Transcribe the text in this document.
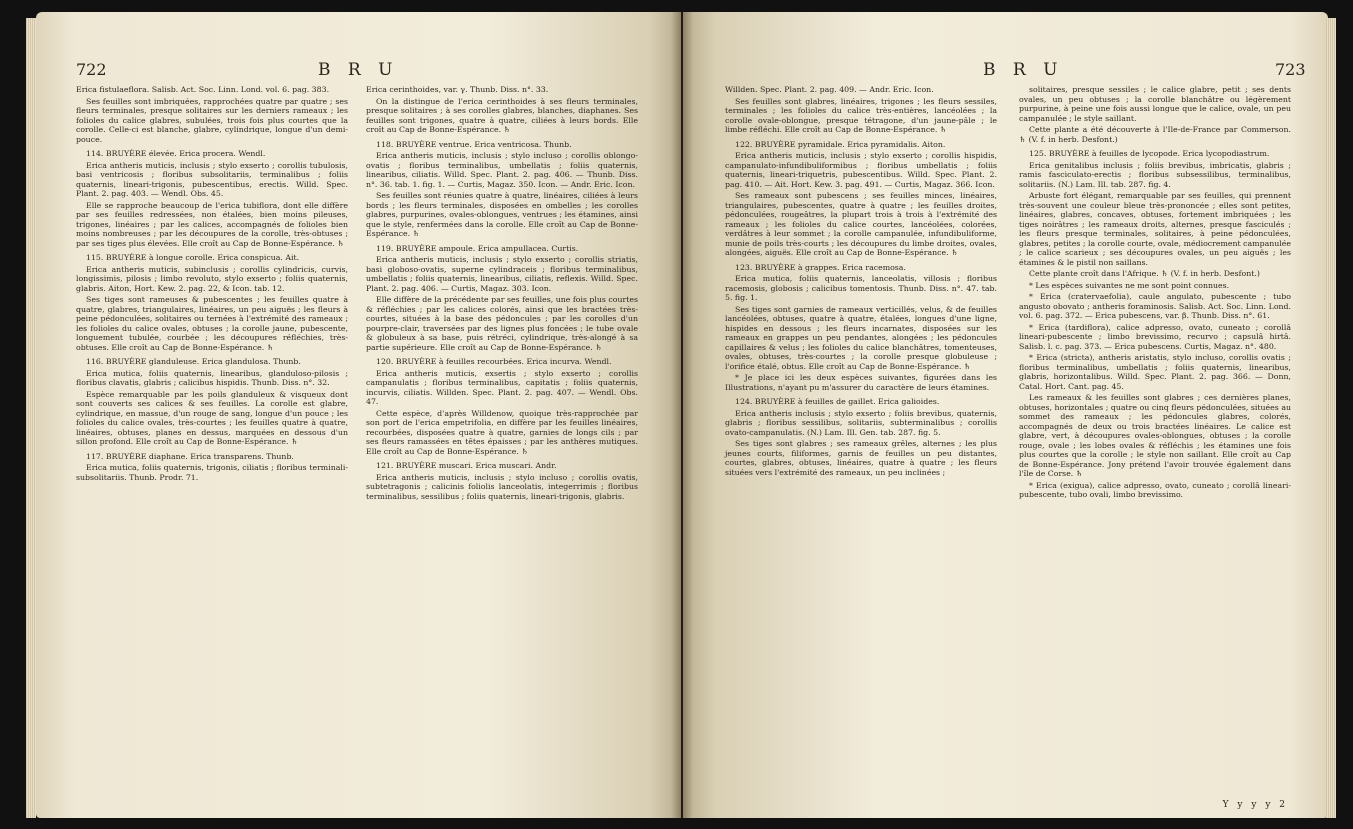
722	B R U

Erica fistulaeflora. Salisb. Act. Soc. Linn. Lond. vol. 6. pag. 383.

Ses feuilles sont imbriquées, rapprochées quatre par quatre ; ses fleurs terminales, presque solitaires sur les derniers rameaux ; les folioles du calice glabres, subulées, trois fois plus courtes que la corolle. Celle-ci est blanche, glabre, cylindrique, longue d'un demi-pouce.

114. BRUYÈRE élevée. Erica procera. Wendl.

Erica antheris muticis, inclusis ; stylo exserto ; corollis tubulosis, basi ventricosis ; floribus subsolitariis, terminalibus ; foliis quaternis, lineari-trigonis, pubescentibus, erectis. Willd. Spec. Plant. 2. pag. 403. — Wendl. Obs. 45.

Elle se rapproche beaucoup de l'erica tubiflora, dont elle diffère par ses feuilles redressées, non étalées, bien moins pileuses, trigones, linéaires ; par les calices, accompagnés de folioles bien moins nombreuses ; par les découpures de la corolle, très-obtuses ; par ses tiges plus élevées. Elle croît au Cap de Bonne-Espérance. ♄

115. BRUYÈRE à longue corolle. Erica conspicua. Ait.

Erica antheris muticis, subinclusis ; corollis cylindricis, curvis, longissimis, pilosis ; limbo revoluto, stylo exserto ; foliis quaternis, glabris. Aiton, Hort. Kew. 2. pag. 22, & Icon. tab. 12.

Ses tiges sont rameuses & pubescentes ; les feuilles quatre à quatre, glabres, triangulaires, linéaires, un peu aiguës ; les fleurs à peine pédonculées, solitaires ou ternées à l'extrémité des rameaux ; les folioles du calice ovales, obtuses ; la corolle jaune, pubescente, longuement tubulée, courbée ; les découpures réfléchies, très-obtuses. Elle croît au Cap de Bonne-Espérance. ♄

116. BRUYÈRE glanduleuse. Erica glandulosa. Thunb.

Erica mutica, foliis quaternis, linearibus, glanduloso-pilosis ; floribus clavatis, glabris ; calicibus hispidis. Thunb. Diss. n°. 32.

Espèce remarquable par les poils glanduleux & visqueux dont sont couverts ses calices & ses feuilles. La corolle est glabre, cylindrique, en massue, d'un rouge de sang, longue d'un pouce ; les folioles du calice ovales, très-courtes ; les feuilles quatre à quatre, linéaires, obtuses, planes en dessus, marquées en dessous d'un sillon profond. Elle croît au Cap de Bonne-Espérance. ♄

117. BRUYÈRE diaphane. Erica transparens. Thunb.

Erica mutica, foliis quaternis, trigonis, ciliatis ; floribus terminali-subsolitariis. Thunb. Prodr. 71.

Erica cerinthoides, var. γ. Thunb. Diss. n°. 33.

On la distingue de l'erica cerinthoides à ses fleurs terminales, presque solitaires ; à ses corolles glabres, blanches, diaphanes. Ses feuilles sont trigones, quatre à quatre, ciliées à leurs bords. Elle croît au Cap de Bonne-Espérance. ♄

118. BRUYÈRE ventrue. Erica ventricosa. Thunb.

Erica antheris muticis, inclusis ; stylo incluso ; corollis oblongo-ovatis ; floribus terminalibus, umbellatis ; foliis quaternis, linearibus, ciliatis. Willd. Spec. Plant. 2. pag. 406. — Thunb. Diss. n°. 36. tab. 1. fig. 1. — Curtis, Magaz. 350. Icon. — Andr. Eric. Icon.

Ses feuilles sont réunies quatre à quatre, linéaires, ciliées à leurs bords ; les fleurs terminales, disposées en ombelles ; les corolles glabres, purpurines, ovales-oblongues, ventrues ; les étamines, ainsi que le style, renfermées dans la corolle. Elle croît au Cap de Bonne-Espérance. ♄

119. BRUYÈRE ampoule. Erica ampullacea. Curtis.

Erica antheris muticis, inclusis ; stylo exserto ; corollis striatis, basi globoso-ovatis, superne cylindraceis ; floribus terminalibus, umbellatis ; foliis quaternis, linearibus, ciliatis, reflexis. Willd. Spec. Plant. 2. pag. 406. — Curtis, Magaz. 303. Icon.

Elle diffère de la précédente par ses feuilles, une fois plus courtes & réfléchies ; par les calices colorés, ainsi que les bractées très-courtes, situées à la base des pédoncules ; par les corolles d'un pourpre-clair, traversées par des lignes plus foncées ; le tube ovale & globuleux à sa base, puis rétréci, cylindrique, très-alongé à sa partie supérieure. Elle croît au Cap de Bonne-Espérance. ♄

120. BRUYÈRE à feuilles recourbées. Erica incurva. Wendl.

Erica antheris muticis, exsertis ; stylo exserto ; corollis campanulatis ; floribus terminalibus, capitatis ; foliis quaternis, incurvis, ciliatis. Willden. Spec. Plant. 2. pag. 407. — Wendl. Obs. 47.

Cette espèce, d'après Willdenow, quoique très-rapprochée par son port de l'erica empetrifolia, en diffère par les feuilles linéaires, recourbées, disposées quatre à quatre, garnies de longs cils ; par ses fleurs ramassées en têtes épaisses ; par les anthères mutiques. Elle croît au Cap de Bonne-Espérance. ♄

121. BRUYÈRE muscari. Erica muscari. Andr.

Erica antheris muticis, inclusis ; stylo incluso ; corollis ovatis, subtetragonis ; calicinis foliolis lanceolatis, integerrimis ; floribus terminalibus, sessilibus ; foliis quaternis, lineari-trigonis, glabris.

B R U	723

Willden. Spec. Plant. 2. pag. 409. — Andr. Eric. Icon.

Ses feuilles sont glabres, linéaires, trigones ; les fleurs sessiles, terminales ; les folioles du calice très-entières, lancéolées ; la corolle ovale-oblongue, presque tétragone, d'un jaune-pâle ; le limbe réfléchi. Elle croît au Cap de Bonne-Espérance. ♄

122. BRUYÈRE pyramidale. Erica pyramidalis. Aiton.

Erica antheris muticis, inclusis ; stylo exserto ; corollis hispidis, campanulato-infundibuliformibus ; floribus umbellatis ; foliis quaternis, lineari-triquetris, pubescentibus. Willd. Spec. Plant. 2. pag. 410. — Ait. Hort. Kew. 3. pag. 491. — Curtis, Magaz. 366. Icon.

Ses rameaux sont pubescens ; ses feuilles minces, linéaires, triangulaires, pubescentes, quatre à quatre ; les feuilles droites, pédonculées, rougeâtres, la plupart trois à trois à l'extrémité des rameaux ; les folioles du calice courtes, lancéolées, colorées, verdâtres à leur sommet ; la corolle campanulée, infundibuliforme, munie de poils très-courts ; les découpures du limbe droites, ovales, alongées, aiguës. Elle croît au Cap de Bonne-Espérance. ♄

123. BRUYÈRE à grappes. Erica racemosa.

Erica mutica, foliis quaternis, lanceolatis, villosis ; floribus racemosis, globosis ; calicibus tomentosis. Thunb. Diss. n°. 47. tab. 5. fig. 1.

Ses tiges sont garnies de rameaux verticillés, velus, & de feuilles lancéolées, obtuses, quatre à quatre, étalées, longues d'une ligne, hispides en dessous ; les fleurs incarnates, disposées sur les rameaux en grappes un peu pendantes, alongées ; les pédoncules capillaires & velus ; les folioles du calice blanchâtres, tomenteuses, ovales, obtuses, très-courtes ; la corolle presque globuleuse ; l'orifice étalé, obtus. Elle croît au Cap de Bonne-Espérance. ♄

* Je place ici les deux espèces suivantes, figurées dans les Illustrations, n'ayant pu m'assurer du caractère de leurs étamines.

124. BRUYÈRE à feuilles de gaillet. Erica galioides.

Erica antheris inclusis ; stylo exserto ; foliis brevibus, quaternis, glabris ; floribus sessilibus, solitariis, subterminalibus ; corollis ovato-campanulatis. (N.) Lam. Ill. Gen. tab. 287. fig. 5.

Ses tiges sont glabres ; ses rameaux grêles, alternes ; les plus jeunes courts, filiformes, garnis de feuilles un peu distantes, courtes, glabres, obtuses, linéaires, quatre à quatre ; les fleurs situées vers l'extrémité des rameaux, un peu inclinées ;

solitaires, presque sessiles ; le calice glabre, petit ; ses dents ovales, un peu obtuses ; la corolle blanchâtre ou légèrement purpurine, à peine une fois aussi longue que le calice, ovale, un peu campanulée ; le style saillant.

Cette plante a été découverte à l'Ile-de-France par Commerson. ♄ (V. f. in herb. Desfont.)

125. BRUYÈRE à feuilles de lycopode. Erica lycopodiastrum.

Erica genitalibus inclusis ; foliis brevibus, imbricatis, glabris ; ramis fasciculato-erectis ; floribus subsessilibus, terminalibus, solitariis. (N.) Lam. Ill. tab. 287. fig. 4.

Arbuste fort élégant, remarquable par ses feuilles, qui prennent très-souvent une couleur bleue très-prononcée ; elles sont petites, linéaires, glabres, concaves, obtuses, fortement imbriquées ; les tiges noirâtres ; les rameaux droits, alternes, presque fasciculés ; les fleurs presque terminales, solitaires, à peine pédonculées, glabres, petites ; la corolle courte, ovale, médiocrement campanulée ; le calice scarieux ; ses découpures ovales, un peu aiguës ; les étamines & le pistil non saillans.

Cette plante croît dans l'Afrique. ♄ (V. f. in herb. Desfont.)

* Les espèces suivantes ne me sont point connues.

* Erica (cratervaefolia), caule angulato, pubescente ; tubo angusto obovato ; antheris foraminosis. Salisb. Act. Soc. Linn. Lond. vol. 6. pag. 372. — Erica pubescens, var. β. Thunb. Diss. n°. 61.

* Erica (tardiflora), calice adpresso, ovato, cuneato ; corollâ lineari-pubescente ; limbo brevissimo, recurvo ; capsulâ hirtâ. Salisb. l. c. pag. 373. — Erica pubescens. Curtis, Magaz. n°. 480.

* Erica (stricta), antheris aristatis, stylo incluso, corollis ovatis ; floribus terminalibus, umbellatis ; foliis quaternis, linearibus, glabris, horizontalibus. Willd. Spec. Plant. 2. pag. 366. — Donn, Catal. Hort. Cant. pag. 45.

Les rameaux & les feuilles sont glabres ; ces dernières planes, obtuses, horizontales ; quatre ou cinq fleurs pédonculées, situées au sommet des rameaux ; les pédoncules glabres, colorés, accompagnés de deux ou trois bractées linéaires. Le calice est glabre, vert, à découpures ovales-oblongues, obtuses ; la corolle rouge, ovale ; les lobes ovales & réfléchis ; les étamines une fois plus courtes que la corolle ; le style non saillant. Elle croît au Cap de Bonne-Espérance. Jony prétend l'avoir trouvée également dans l'île de Corse. ♄

* Erica (exigua), calice adpresso, ovato, cuneato ; corollâ lineari-pubescente, tubo ovali, limbo brevissimo.

Y y y y 2
